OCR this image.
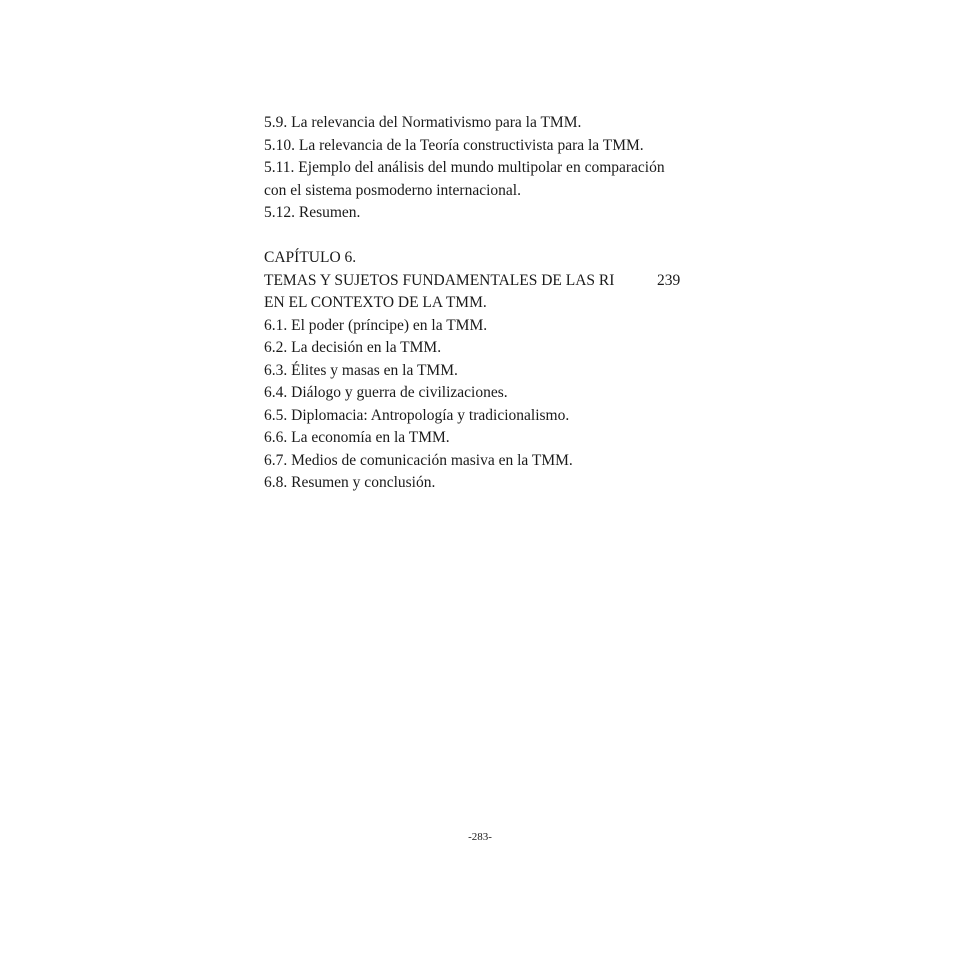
5.9. La relevancia del Normativismo para la TMM.
5.10. La relevancia de la Teoría constructivista para la TMM.
5.11. Ejemplo del análisis del mundo multipolar en comparación
con el sistema posmoderno internacional.
5.12. Resumen.
CAPÍTULO 6.
TEMAS Y SUJETOS FUNDAMENTALES DE LAS RI	239
EN EL CONTEXTO DE LA TMM.
6.1. El poder (príncipe) en la TMM.
6.2. La decisión en la TMM.
6.3. Élites y masas en la TMM.
6.4. Diálogo y guerra de civilizaciones.
6.5. Diplomacia: Antropología y tradicionalismo.
6.6. La economía en la TMM.
6.7. Medios de comunicación masiva en la TMM.
6.8. Resumen y conclusión.
-283-
